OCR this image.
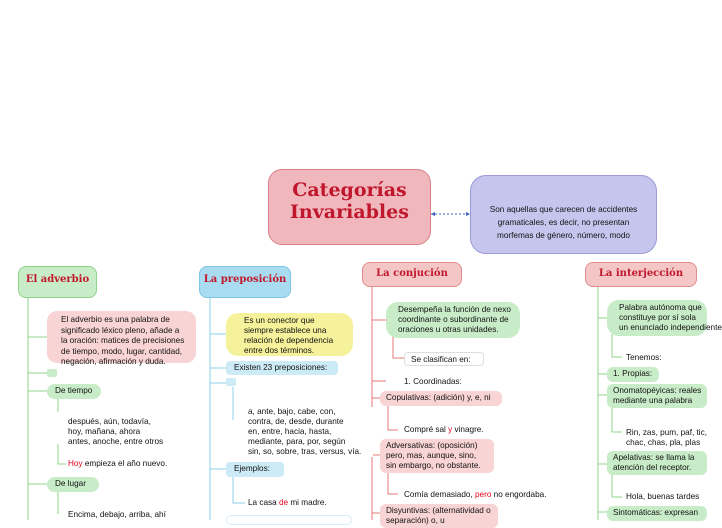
Categorías
Invariables	Son aquellas que carecen de accidentes
gramaticales, es decir, no presentan
morfemas de género, número, modo
El adverbio
El adverbio es una palabra de
significado léxico pleno, añade a
la oración: matices de precisiones
de tiempo, modo, lugar, cantidad,
negación, afirmación y duda.
De tiempo
después, aún, todavía,
hoy, mañana, ahora
antes, anoche, entre otros
Hoy empieza el año nuevo.
De lugar
Encima, debajo, arriba, ahí
La preposición
Es un conector que
siempre establece una
relación de dependencia
entre dos términos.
Existen 23 preposiciones:
a, ante, bajo, cabe, con,
contra, de, desde, durante
en, entre, hacia, hasta,
mediante, para, por, según
sin, so, sobre, tras, versus, vía.
Ejemplos:
La casa de mi madre.
La conjución
Desempeña la función de nexo
coordinante o subordinante de
oraciones u otras unidades.
Se clasifican en:
1. Coordinadas:
Copulativas: (adición) y, e, ni
Compré sal y vinagre.
Adversativas: (oposición)
pero, mas, aunque, sino,
sin embargo, no obstante.
Comía demasiado, pero no engordaba.
Disyuntivas: (alternatividad o
separación) o, u
La interjección
Palabra autónoma que
constituye por sí sola
un enunciado independiente
Tenemos:
1. Propias:
Onomatopéyicas: reales
mediante una palabra
Rin, zas, pum, paf, tic,
chac, chas, pla, plas
Apelativas: se llama la
atención del receptor.
Hola, buenas tardes
Sintomáticas: expresan
